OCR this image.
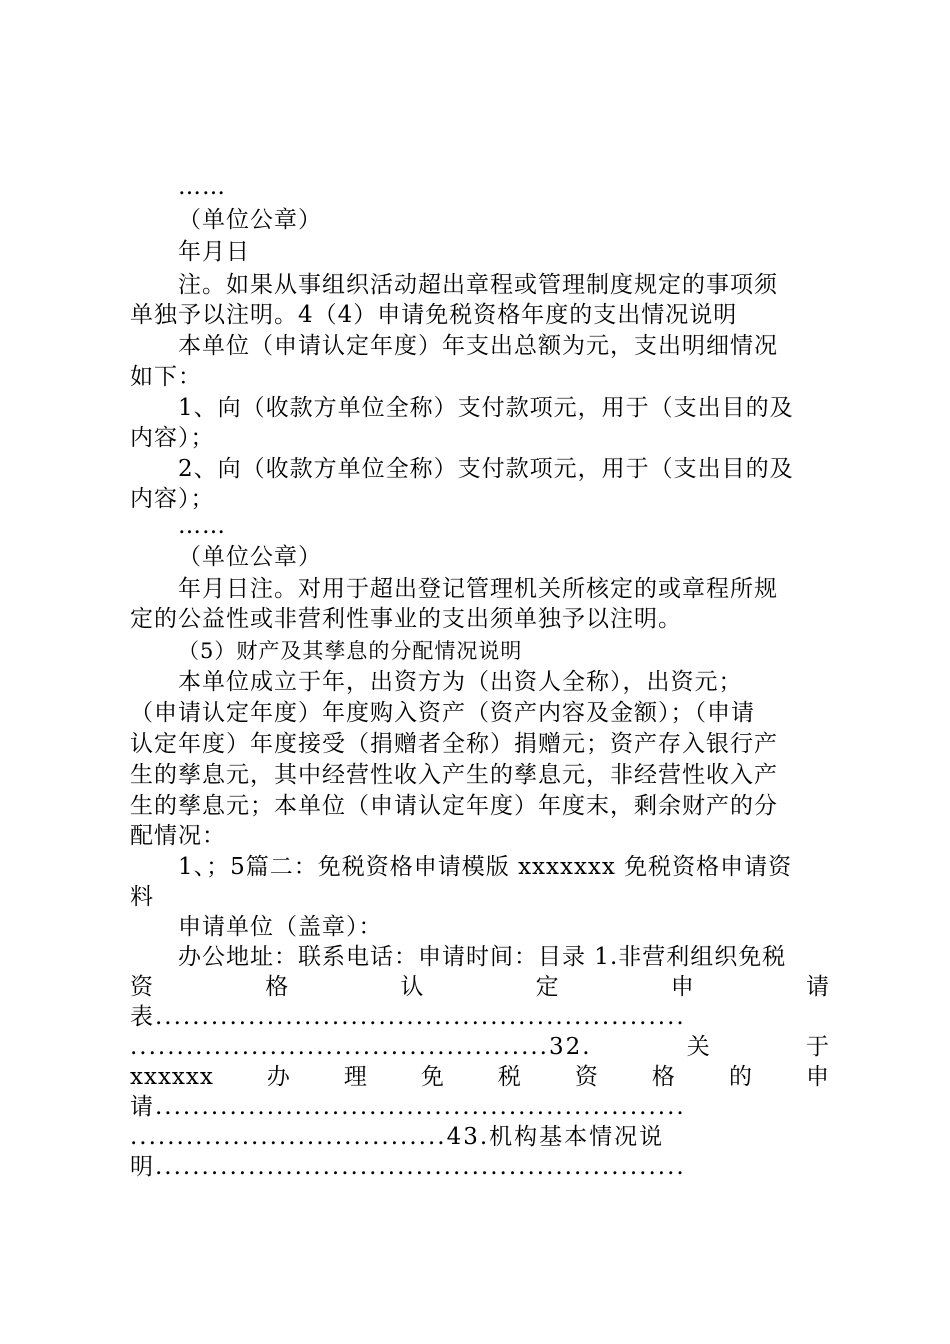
……
（单位公章）
年月日
注。如果从事组织活动超出章程或管理制度规定的事项须
单独予以注明。4（4）申请免税资格年度的支出情况说明
本单位（申请认定年度）年支出总额为元，支出明细情况
如下：
1、向（收款方单位全称）支付款项元，用于（支出目的及
内容）；
2、向（收款方单位全称）支付款项元，用于（支出目的及
内容）；
……
（单位公章）
年月日注。对用于超出登记管理机关所核定的或章程所规
定的公益性或非营利性事业的支出须单独予以注明。
（5）财产及其孳息的分配情况说明
本单位成立于年，出资方为（出资人全称），出资元；
（申请认定年度）年度购入资产（资产内容及金额）；（申请
认定年度）年度接受（捐赠者全称）捐赠元；资产存入银行产
生的孳息元，其中经营性收入产生的孳息元，非经营性收入产
生的孳息元；本单位（申请认定年度）年度末，剩余财产的分
配情况：
1、；5篇二：免税资格申请模版 xxxxxxx 免税资格申请资
料
申请单位（盖章）：
办公地址：联系电话：申请时间：目录 1.非营利组织免税
资	格	认	定	申	请
表.........................................................
.............................................32.	关	于
xxxxxx 办 理 免 税 资 格 的 申
请.........................................................
..................................43.机构基本情况说
明.........................................................
